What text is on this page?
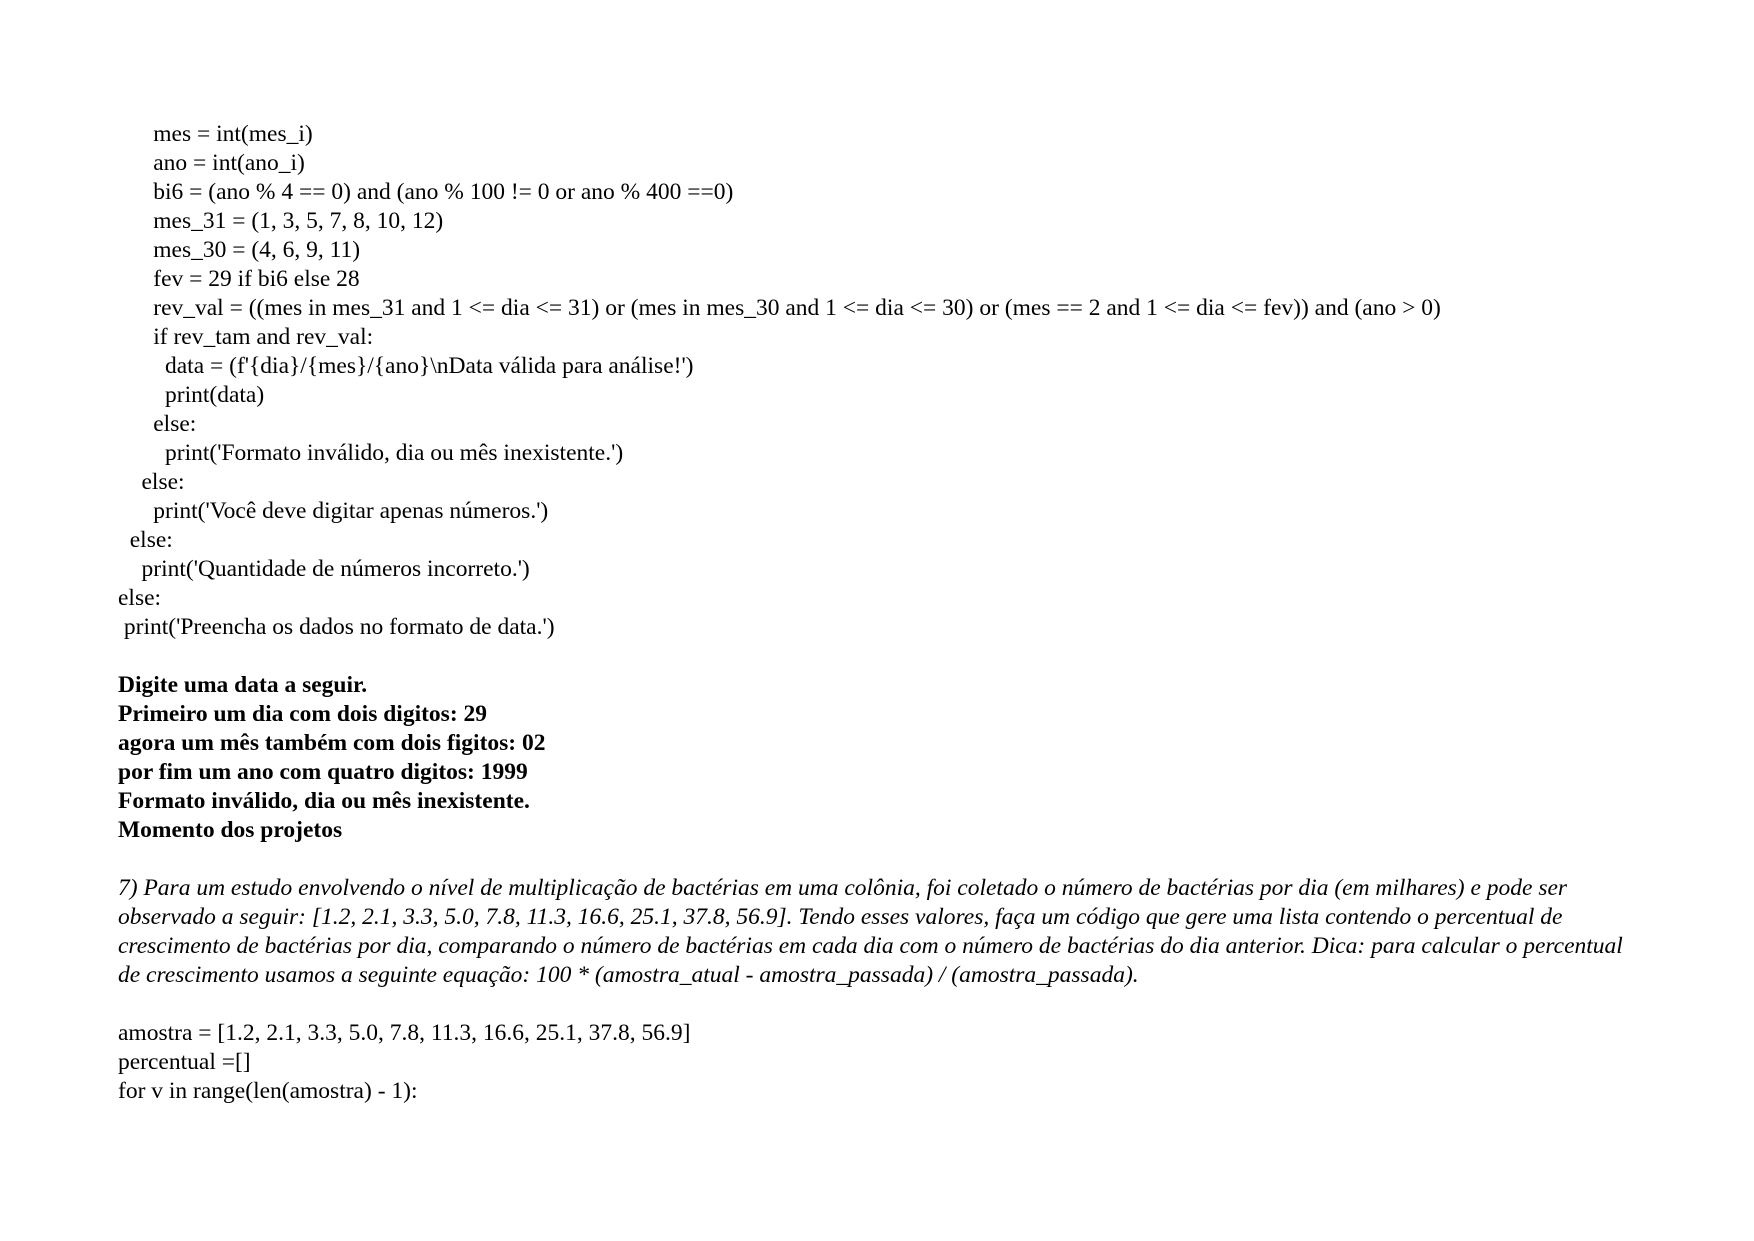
mes = int(mes_i)

ano = int(ano_i)

bi6 = (ano % 4 == 0) and (ano % 100 != 0 or ano % 400 ==0)

mes_31 = (1, 3, 5, 7, 8, 10, 12)

mes_30 = (4, 6, 9, 11)

fev = 29 if bi6 else 28

rev_val = ((mes in mes_31 and 1 <= dia <= 31) or (mes in mes_30 and 1 <= dia <= 30) or (mes == 2 and 1 <= dia <= fev)) and (ano > 0)

if rev_tam and rev_val:

data = (f'{dia}/{mes}/{ano}\nData válida para análise!')

print(data)

else:

print('Formato inválido, dia ou mês inexistente.')

else:

print('Você deve digitar apenas números.')

else:

print('Quantidade de números incorreto.')

else:

print('Preencha os dados no formato de data.')

Digite uma data a seguir.

Primeiro um dia com dois digitos: 29

agora um mês também com dois figitos: 02

por fim um ano com quatro digitos: 1999

Formato inválido, dia ou mês inexistente.

Momento dos projetos

7) Para um estudo envolvendo o nível de multiplicação de bactérias em uma colônia, foi coletado o número de bactérias por dia (em milhares) e pode ser observado a seguir: [1.2, 2.1, 3.3, 5.0, 7.8, 11.3, 16.6, 25.1, 37.8, 56.9]. Tendo esses valores, faça um código que gere uma lista contendo o percentual de crescimento de bactérias por dia, comparando o número de bactérias em cada dia com o número de bactérias do dia anterior. Dica: para calcular o percentual de crescimento usamos a seguinte equação: 100 * (amostra_atual - amostra_passada) / (amostra_passada).

amostra = [1.2, 2.1, 3.3, 5.0, 7.8, 11.3, 16.6, 25.1, 37.8, 56.9]

percentual =[]

for v in range(len(amostra) - 1):
